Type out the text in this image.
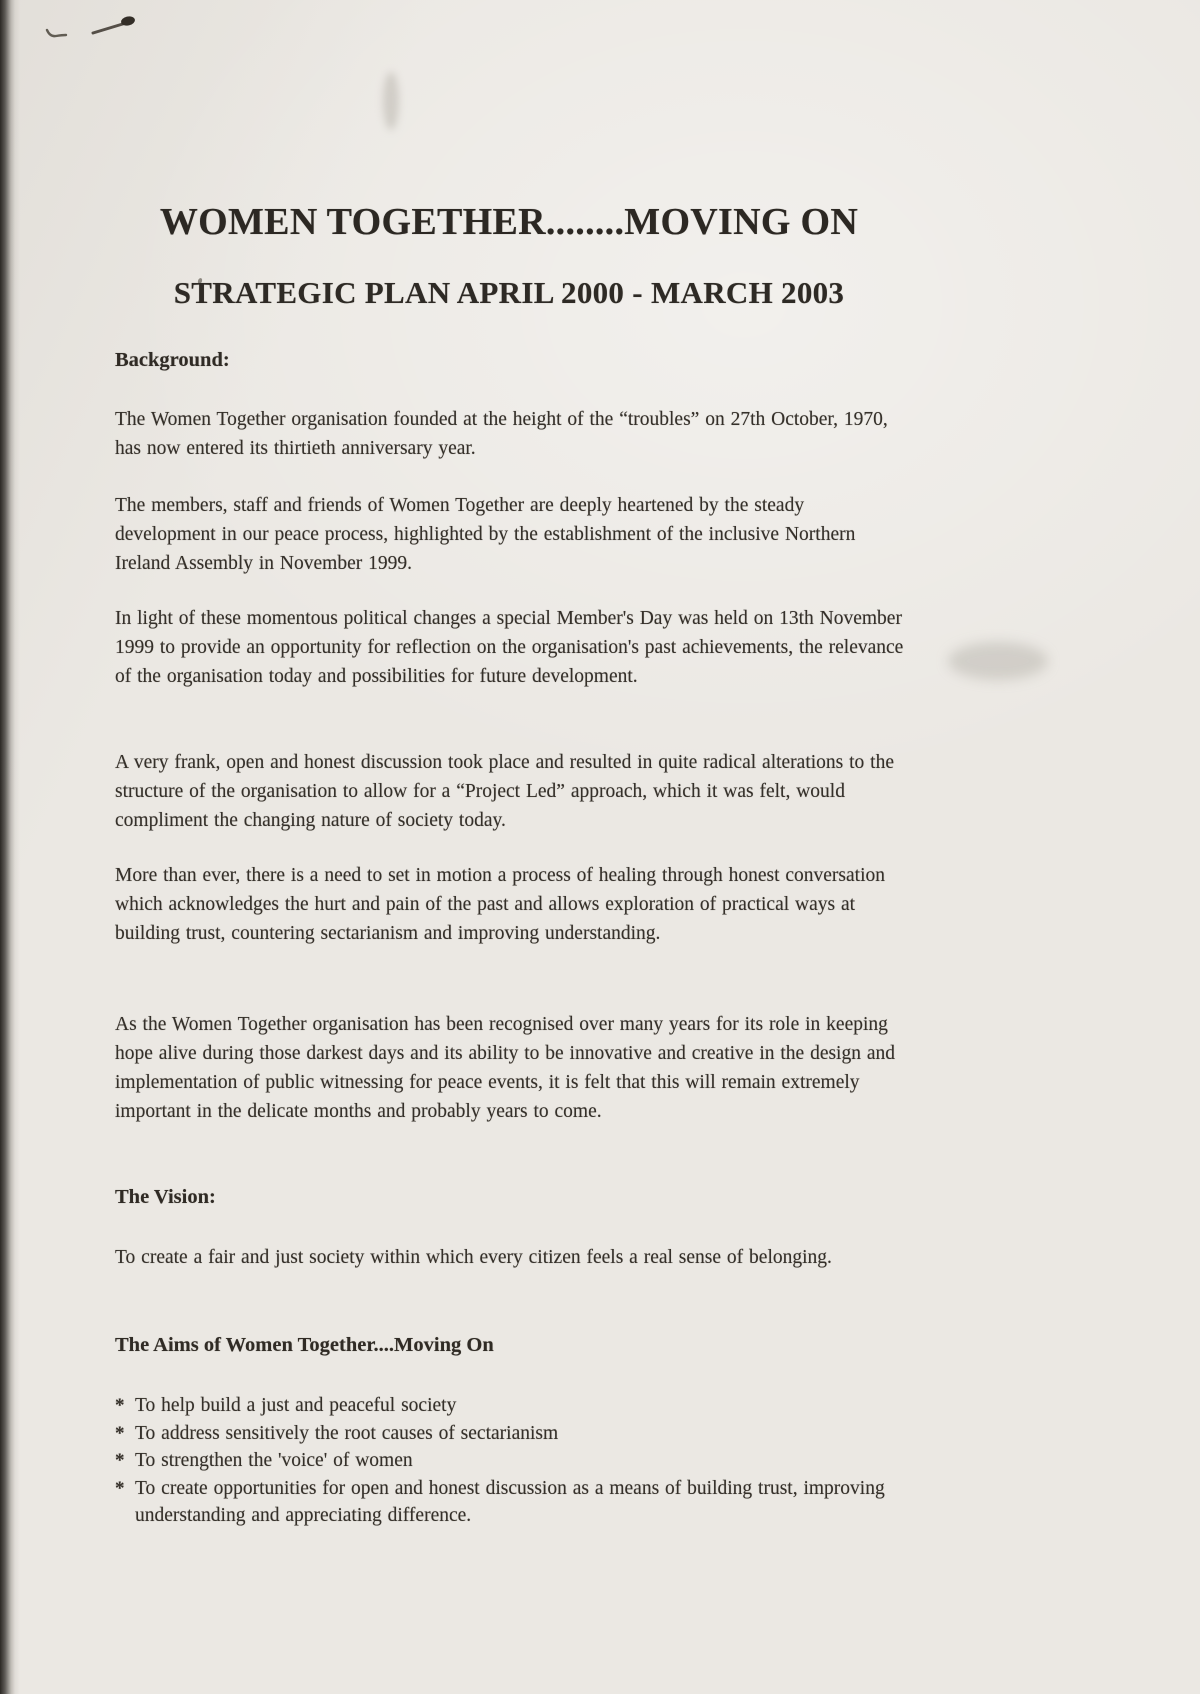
WOMEN TOGETHER........MOVING ON
STRATEGIC PLAN APRIL 2000 - MARCH 2003
Background:

The Women Together organisation founded at the height of the “troubles” on 27th October, 1970, has now entered its thirtieth anniversary year.

The members, staff and friends of Women Together are deeply heartened by the steady development in our peace process, highlighted by the establishment of the inclusive Northern Ireland Assembly in November 1999.

In light of these momentous political changes a special Member's Day was held on 13th November 1999 to provide an opportunity for reflection on the organisation's past achievements, the relevance of the organisation today and possibilities for future development.

A very frank, open and honest discussion took place and resulted in quite radical alterations to the structure of the organisation to allow for a “Project Led” approach, which it was felt, would compliment the changing nature of society today.

More than ever, there is a need to set in motion a process of healing through honest conversation which acknowledges the hurt and pain of the past and allows exploration of practical ways at building trust, countering sectarianism and improving understanding.

As the Women Together organisation has been recognised over many years for its role in keeping hope alive during those darkest days and its ability to be innovative and creative in the design and implementation of public witnessing for peace events, it is felt that this will remain extremely important in the delicate months and probably years to come.

The Vision:

To create a fair and just society within which every citizen feels a real sense of belonging.

The Aims of Women Together....Moving On
* To help build a just and peaceful society
* To address sensitively the root causes of sectarianism
* To strengthen the 'voice' of women
* To create opportunities for open and honest discussion as a means of building trust, improving understanding and appreciating difference.
